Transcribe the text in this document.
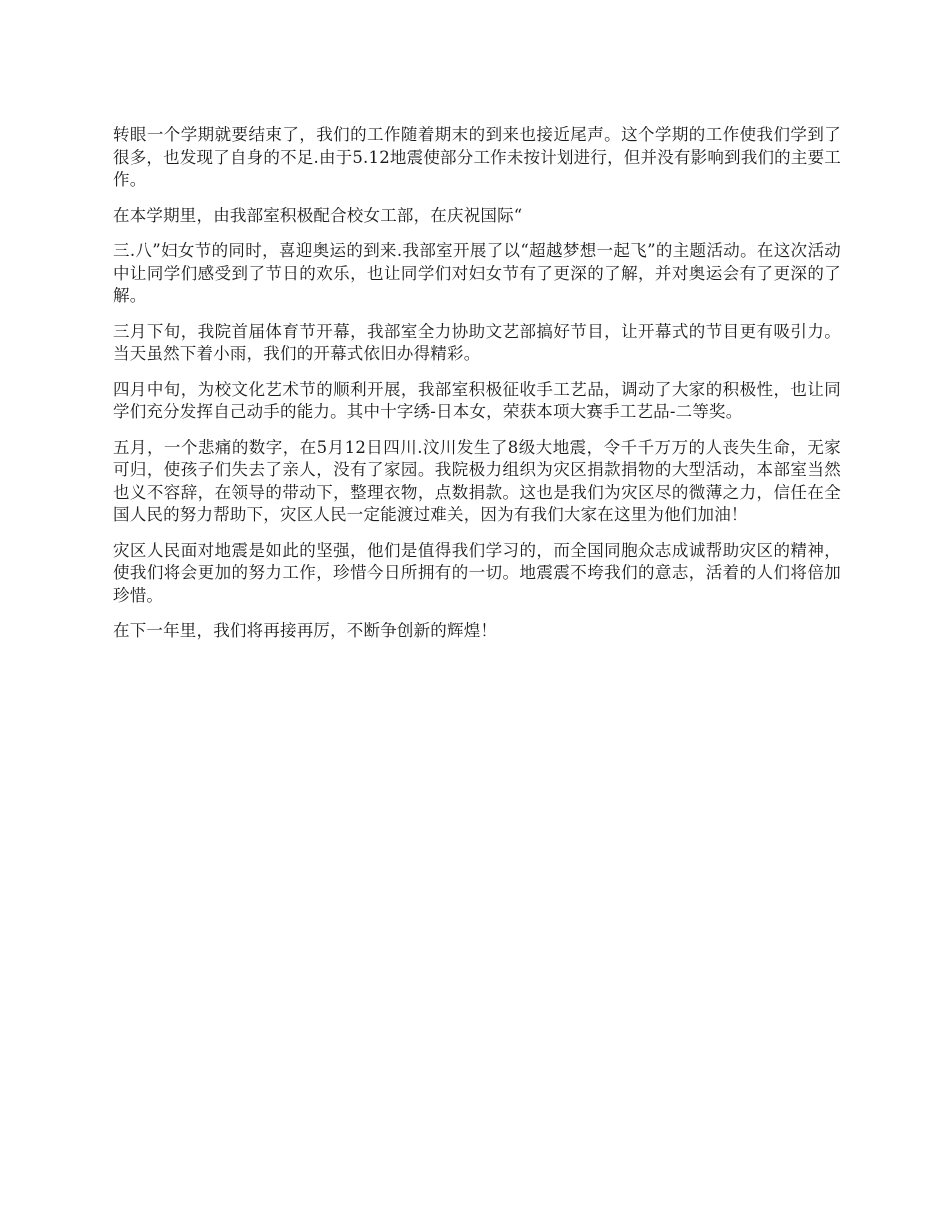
转眼一个学期就要结束了，我们的工作随着期末的到来也接近尾声。这个学期的工作使我们学到了很多，也发现了自身的不足.由于5.12地震使部分工作未按计划进行，但并没有影响到我们的主要工作。

在本学期里，由我部室积极配合校女工部，在庆祝国际“

三.八”妇女节的同时，喜迎奥运的到来.我部室开展了以“超越梦想一起飞”的主题活动。在这次活动中让同学们感受到了节日的欢乐，也让同学们对妇女节有了更深的了解，并对奥运会有了更深的了解。

三月下旬，我院首届体育节开幕，我部室全力协助文艺部搞好节目，让开幕式的节目更有吸引力。当天虽然下着小雨，我们的开幕式依旧办得精彩。

四月中旬，为校文化艺术节的顺利开展，我部室积极征收手工艺品，调动了大家的积极性，也让同学们充分发挥自己动手的能力。其中十字绣-日本女，荣获本项大赛手工艺品-二等奖。

五月，一个悲痛的数字，在5月12日四川.汶川发生了8级大地震，令千千万万的人丧失生命，无家可归，使孩子们失去了亲人，没有了家园。我院极力组织为灾区捐款捐物的大型活动，本部室当然也义不容辞，在领导的带动下，整理衣物，点数捐款。这也是我们为灾区尽的微薄之力，信任在全国人民的努力帮助下，灾区人民一定能渡过难关，因为有我们大家在这里为他们加油！

灾区人民面对地震是如此的坚强，他们是值得我们学习的，而全国同胞众志成诚帮助灾区的精神，使我们将会更加的努力工作，珍惜今日所拥有的一切。地震震不垮我们的意志，活着的人们将倍加珍惜。

在下一年里，我们将再接再厉，不断争创新的辉煌！
